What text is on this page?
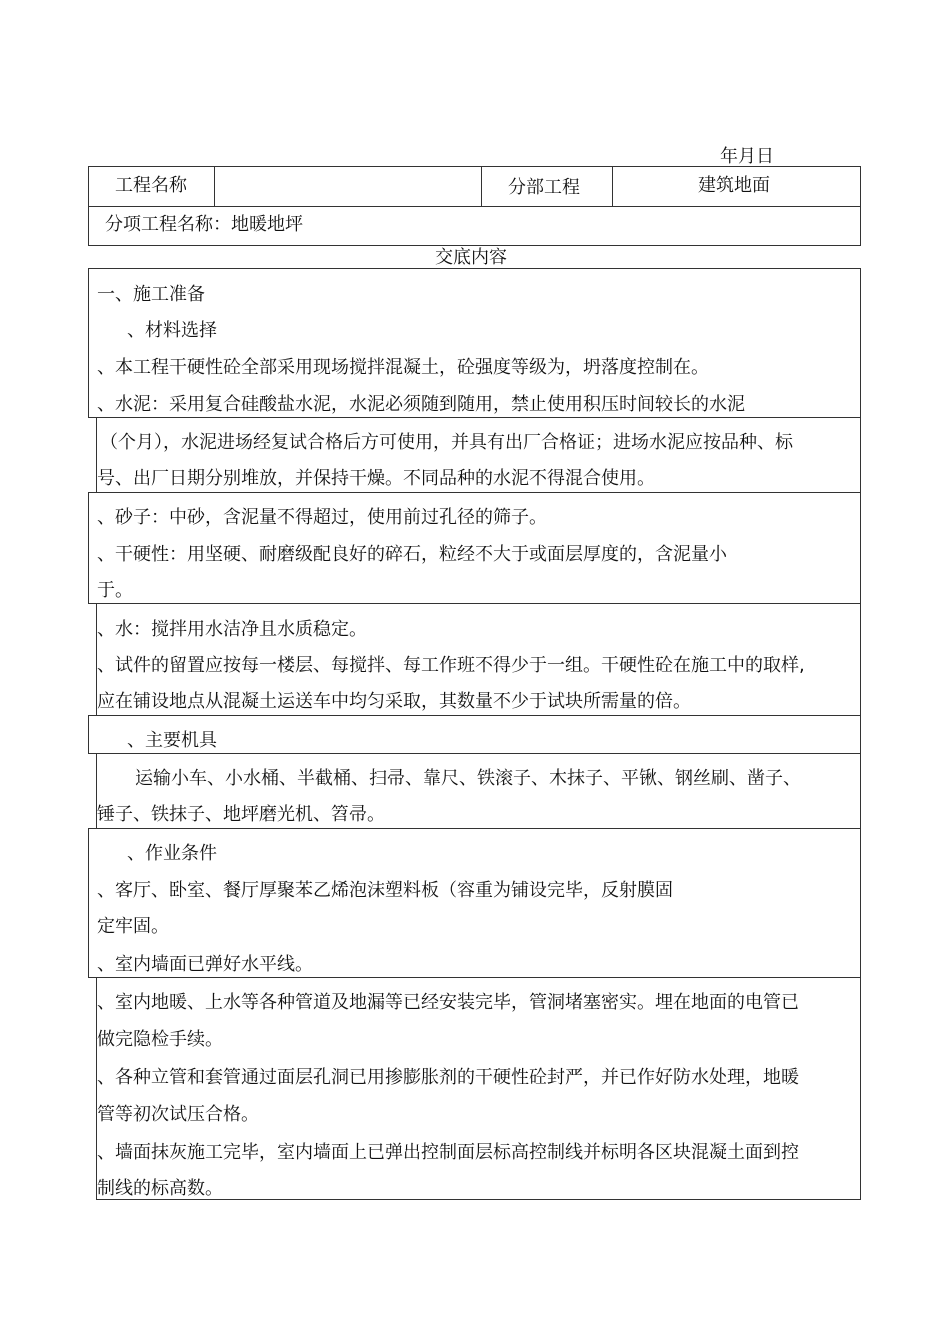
年月日
工程名称	分部工程	建筑地面
分项工程名称：地暖地坪
交底内容
一、施工准备
、材料选择
、本工程干硬性砼全部采用现场搅拌混凝土，砼强度等级为，坍落度控制在。
、水泥：采用复合硅酸盐水泥，水泥必须随到随用，禁止使用积压时间较长的水泥
（个月），水泥进场经复试合格后方可使用，并具有出厂合格证；进场水泥应按品种、标
号、出厂日期分别堆放，并保持干燥。不同品种的水泥不得混合使用。
、砂子：中砂，含泥量不得超过，使用前过孔径的筛子。
、干硬性：用坚硬、耐磨级配良好的碎石，粒经不大于或面层厚度的，含泥量小
于。
、水：搅拌用水洁净且水质稳定。
、试件的留置应按每一楼层、每搅拌、每工作班不得少于一组。干硬性砼在施工中的取样,
应在铺设地点从混凝土运送车中均匀采取，其数量不少于试块所需量的倍。
、主要机具
运输小车、小水桶、半截桶、扫帚、靠尺、铁滚子、木抹子、平锹、钢丝刷、凿子、
锤子、铁抹子、地坪磨光机、笤帚。
、作业条件
、客厅、卧室、餐厅厚聚苯乙烯泡沫塑料板（容重为铺设完毕，反射膜固
定牢固。
、室内墙面已弹好水平线。
、室内地暖、上水等各种管道及地漏等已经安装完毕，管洞堵塞密实。埋在地面的电管已
做完隐检手续。
、各种立管和套管通过面层孔洞已用掺膨胀剂的干硬性砼封严，并已作好防水处理，地暖
管等初次试压合格。
、墙面抹灰施工完毕，室内墙面上已弹出控制面层标高控制线并标明各区块混凝土面到控
制线的标高数。
